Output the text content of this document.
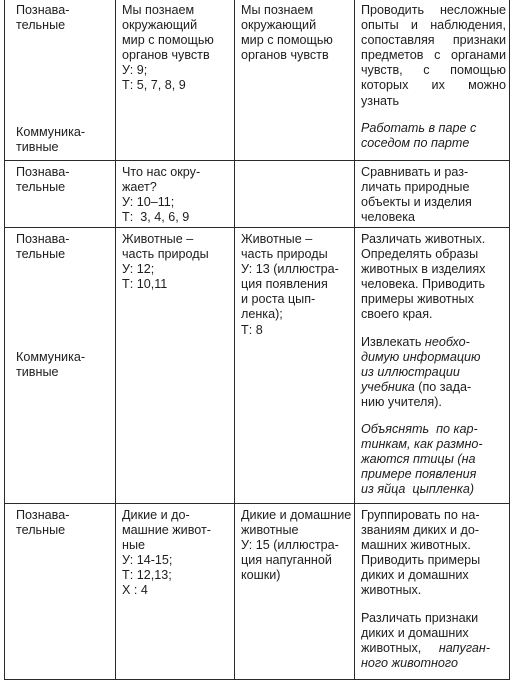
Познава-
тельные
Коммуника-
тивные
Мы познаем
окружающий
мир с помощью
органов чувств
У: 9;
Т: 5, 7, 8, 9
Мы познаем
окружающий
мир с помощью
органов чувств
Проводить несложные опыты и наблюдения, сопоставляя признаки предметов с органами чувств, с помощью которых их можно узнать
Работать в паре с
соседом по парте
Познава-
тельные
Что нас окру-
жает?
У: 10–11;
Т:  3, 4, 6, 9
Сравнивать и раз-
личать природные
объекты и изделия
человека
Познава-
тельные
Коммуника-
тивные
Животные –
часть природы
У: 12;
Т: 10,11
Животные –
часть природы
У: 13 (иллюстра-
ция появления
и роста цып-
ленка);
Т: 8
Различать животных.
Определять образы
животных в изделиях
человека. Приводить
примеры животных
своего края.
Извлекать необхо-
димую информацию
из иллюстрации
учебника (по зада-
нию учителя).
Объяснять  по кар-
тинкам, как размно-
жаются птицы (на
примере появления
из яйца  цыпленка)
Познава-
тельные
Дикие и до-
машние живот-
ные
У: 14-15;
Т: 12,13;
Х : 4
Дикие и домашние
животные
У: 15 (иллюстра-
ция напуганной
кошки)
Группировать по на-
званиям диких и до-
машних животных.
Приводить примеры
диких и домашних
животных.
Различать признаки
диких и домашних
животных, напуган-
ного животного
